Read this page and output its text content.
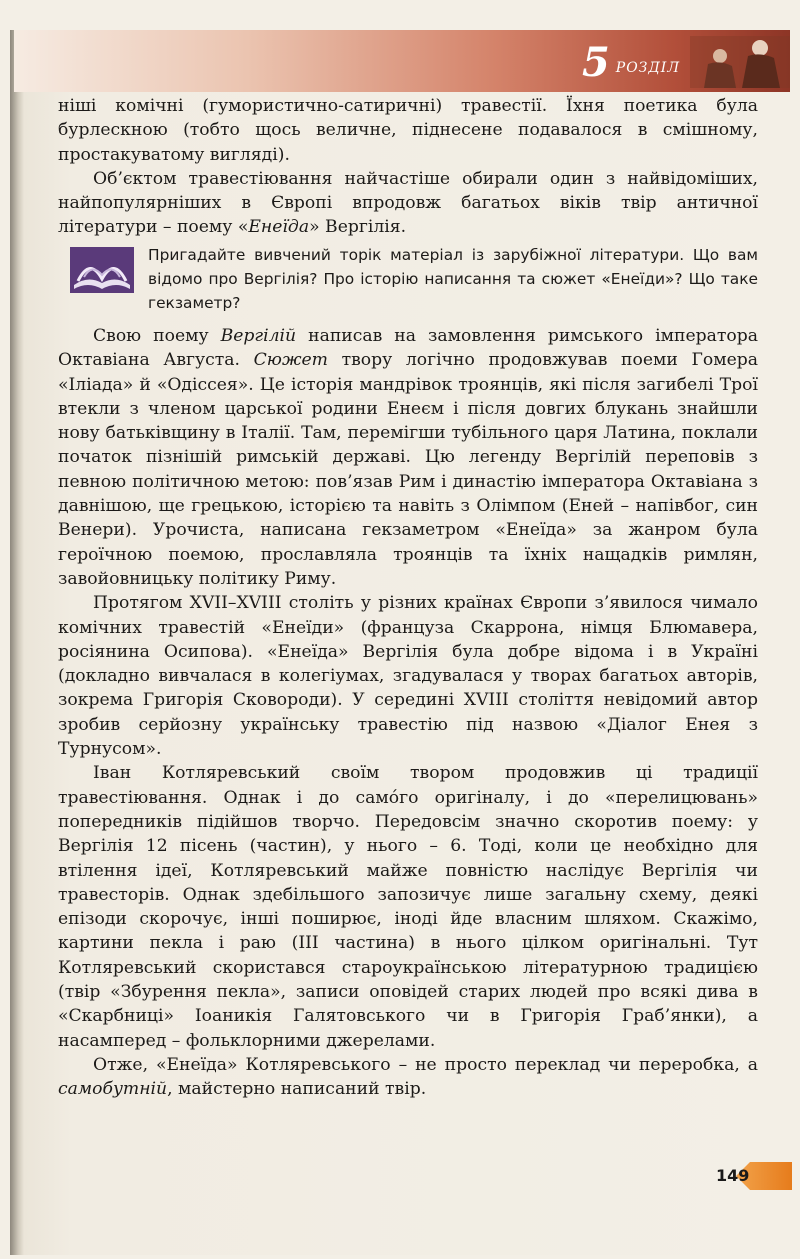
5 РОЗДІЛ

ніші комічні (гумористично-сатиричні) травестії. Їхня поетика була бурлескною (тобто щось величне, піднесене подавалося в смішному, простакуватому вигляді).

Об’єктом травестіювання найчастіше обирали один з найвідоміших, найпопулярніших в Європі впродовж багатьох віків твір античної літератури – поему «Енеїда» Вергілія.

Пригадайте вивчений торік матеріал із зарубіжної літератури. Що вам відомо про Вергілія? Про історію написання та сюжет «Енеїди»? Що таке гекзаметр?

Свою поему Вергілій написав на замовлення римського імператора Октавіана Августа. Сюжет твору логічно продовжував поеми Гомера «Іліада» й «Одіссея». Це історія мандрівок троянців, які після загибелі Трої втекли з членом царської родини Енеєм і після довгих блукань знайшли нову батьківщину в Італії. Там, перемігши тубільного царя Латина, поклали початок пізнішій римській державі. Цю легенду Вергілій переповів з певною політичною метою: пов’язав Рим і династію імператора Октавіана з давнішою, ще грецькою, історією та навіть з Олімпом (Еней – напівбог, син Венери). Урочиста, написана гекзаметром «Енеїда» за жанром була героїчною поемою, прославляла троянців та їхніх нащадків римлян, завойовницьку політику Риму.

Протягом XVII–XVIII століть у різних країнах Європи з’явилося чимало комічних травестій «Енеїди» (француза Скаррона, німця Блюмавера, росіянина Осипова). «Енеїда» Вергілія була добре відома і в Україні (докладно вивчалася в колегіумах, згадувалася у творах багатьох авторів, зокрема Григорія Сковороди). У середині XVIII століття невідомий автор зробив серйозну українську травестію під назвою «Діалог Енея з Турнусом».

Іван Котляревський своїм твором продовжив ці традиції травестіювання. Однак і до самóго оригіналу, і до «перелицювань» попередників підійшов творчо. Передовсім значно скоротив поему: у Вергілія 12 пісень (частин), у нього – 6. Тоді, коли це необхідно для втілення ідеї, Котляревський майже повністю наслідує Вергілія чи травесторів. Однак здебільшого запозичує лише загальну схему, деякі епізоди скорочує, інші поширює, іноді йде власним шляхом. Скажімо, картини пекла і раю (III частина) в нього цілком оригінальні. Тут Котляревський скористався староукраїнською літературною традицією (твір «Збурення пекла», записи оповідей старих людей про всякі дива в «Скарбниці» Іоаникія Галятовського чи в Григорія Граб’янки), а насамперед – фольклорними джерелами.

Отже, «Енеїда» Котляревського – не просто переклад чи переробка, а самобутній, майстерно написаний твір.

149
